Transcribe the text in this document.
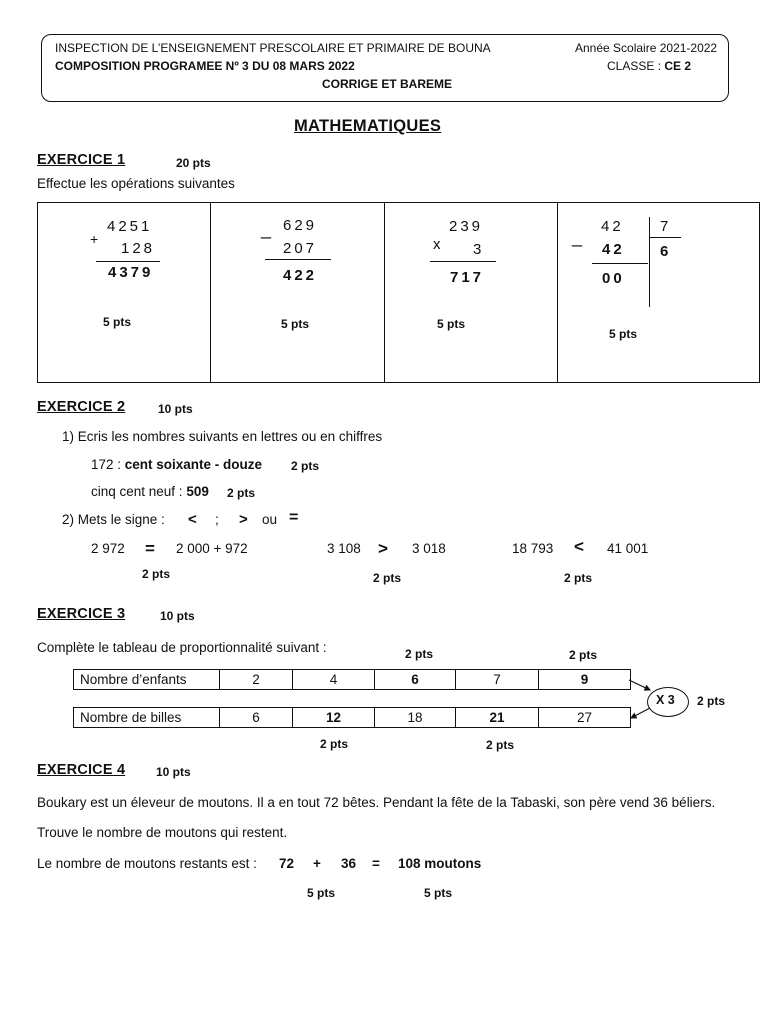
INSPECTION DE L’ENSEIGNEMENT PRESCOLAIRE ET PRIMAIRE DE BOUNA	Année Scolaire 2021-2022
COMPOSITION PROGRAMEE Nº 3 DU 08 MARS 2022	CLASSE : CE 2
CORRIGE ET BAREME
MATHEMATIQUES
EXERCICE 1	20 pts
Effectue les opérations suivantes
4251
+
128
4379
5 pts
629
_
207
422
5 pts
239
x 3
717
5 pts
42 7
_
42 6
00
5 pts
EXERCICE 2	10 pts
1) Ecris les nombres suivants en lettres ou en chiffres
172 : cent soixante - douze 2 pts
cinq cent neuf : 509 2 pts
2) Mets le signe : < ; > ou =
2 972 = 2 000 + 972
2 pts
3 108 > 3 018
2 pts
18 793 < 41 001
2 pts
EXERCICE 3	10 pts
Complète le tableau de proportionnalité suivant :	2 pts	2 pts
Nombre d’enfants	2	4	6	7	9
Nombre de billes	6	12	18	21	27
X 3 2 pts
2 pts	2 pts
EXERCICE 4	10 pts
Boukary est un éleveur de moutons. Il a en tout 72 bêtes. Pendant la fête de la Tabaski, son père vend 36 béliers.
Trouve le nombre de moutons qui restent.
Le nombre de moutons restants est : 72 + 36 = 108 moutons
5 pts	5 pts
